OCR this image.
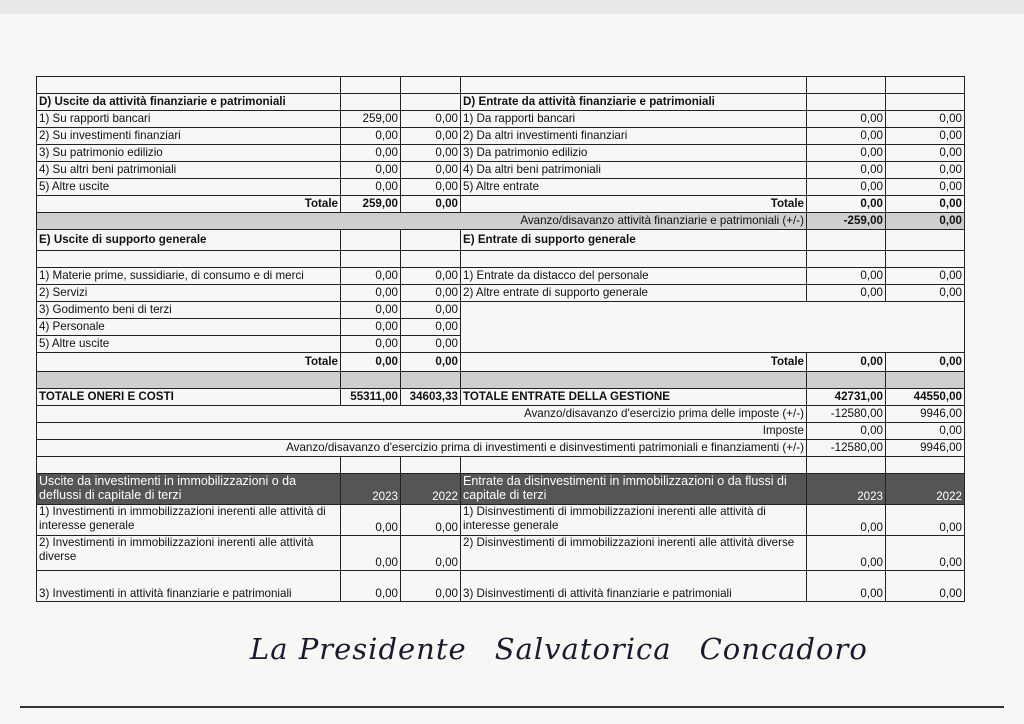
D) Uscite da attività finanziarie e patrimoniali			D) Entrate da attività finanziarie e patrimoniali		
1) Su rapporti bancari	259,00	0,00	1) Da rapporti bancari	0,00	0,00
2) Su investimenti finanziari	0,00	0,00	2) Da altri investimenti finanziari	0,00	0,00
3) Su patrimonio edilizio	0,00	0,00	3) Da patrimonio edilizio	0,00	0,00
4) Su altri beni patrimoniali	0,00	0,00	4) Da altri beni patrimoniali	0,00	0,00
5) Altre uscite	0,00	0,00	5) Altre entrate	0,00	0,00
Totale	259,00	0,00	Totale	0,00	0,00
Avanzo/disavanzo attività finanziarie e patrimoniali (+/-)				-259,00	0,00
E) Uscite di supporto generale			E) Entrate di supporto generale		

1) Materie prime, sussidiarie, di consumo e di merci	0,00	0,00	1) Entrate da distacco del personale	0,00	0,00
2) Servizi	0,00	0,00	2) Altre entrate di supporto generale	0,00	0,00
3) Godimento beni di terzi	0,00	0,00			
4) Personale	0,00	0,00			
5) Altre uscite	0,00	0,00			
Totale	0,00	0,00	Totale	0,00	0,00

TOTALE ONERI E COSTI	55311,00	34603,33	TOTALE ENTRATE DELLA GESTIONE	42731,00	44550,00
Avanzo/disavanzo d'esercizio prima delle imposte (+/-)				-12580,00	9946,00
Imposte				0,00	0,00
Avanzo/disavanzo d'esercizio prima di investimenti e disinvestimenti patrimoniali e finanziamenti (+/-)				-12580,00	9946,00

Uscite da investimenti in immobilizzazioni o da deflussi di capitale di terzi	2023	2022	Entrate da disinvestimenti in immobilizzazioni o da flussi di capitale di terzi	2023	2022
1) Investimenti in immobilizzazioni inerenti alle attività di interesse generale	0,00	0,00	1) Disinvestimenti di immobilizzazioni inerenti alle attività di interesse generale	0,00	0,00
2) Investimenti in immobilizzazioni inerenti alle attività diverse	0,00	0,00	2) Disinvestimenti di immobilizzazioni inerenti alle attività diverse	0,00	0,00
3) Investimenti in attività finanziarie e patrimoniali	0,00	0,00	3) Disinvestimenti di attività finanziarie e patrimoniali	0,00	0,00
La Presidente Salvatorica Concadoro
